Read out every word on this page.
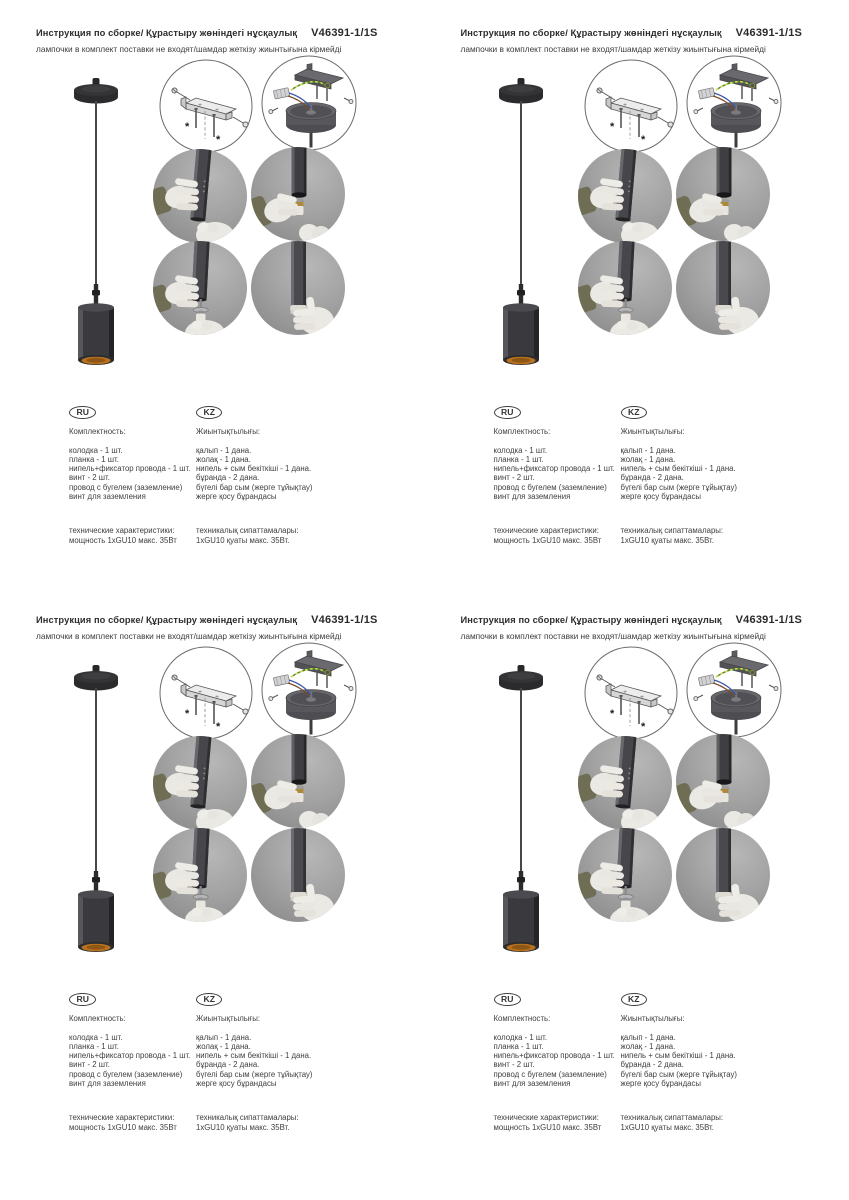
Инструкция по сборке/ Құрастыру жөніндегі нұсқаулық V46391-1/1S
лампочки в комплект поставки не входят/шамдар жеткізу жиынтығына кірмейді
*
*
RU
Комплектность:
колодка - 1 шт.
планка - 1 шт.
нипель+фиксатор провода - 1 шт.
винт - 2 шт.
провод с бугелем (заземление)
винт для заземления
технические характеристики:
мощность 1хGU10 макс. 35Вт
KZ
Жиынтықтылығы:
қалып - 1 дана.
жолақ - 1 дана.
нипель + сым бекіткіші - 1 дана.
бұранда - 2 дана.
бүгелі бар сым (жерге тұйықтау)
жерге қосу бұрандасы
техникалық сипаттамалары:
1хGU10 қуаты макс. 35Вт.
Инструкция по сборке/ Құрастыру жөніндегі нұсқаулық V46391-1/1S
лампочки в комплект поставки не входят/шамдар жеткізу жиынтығына кірмейді
*
*
RU
Комплектность:
колодка - 1 шт.
планка - 1 шт.
нипель+фиксатор провода - 1 шт.
винт - 2 шт.
провод с бугелем (заземление)
винт для заземления
технические характеристики:
мощность 1хGU10 макс. 35Вт
KZ
Жиынтықтылығы:
қалып - 1 дана.
жолақ - 1 дана.
нипель + сым бекіткіші - 1 дана.
бұранда - 2 дана.
бүгелі бар сым (жерге тұйықтау)
жерге қосу бұрандасы
техникалық сипаттамалары:
1хGU10 қуаты макс. 35Вт.
Инструкция по сборке/ Құрастыру жөніндегі нұсқаулық V46391-1/1S
лампочки в комплект поставки не входят/шамдар жеткізу жиынтығына кірмейді
*
*
RU
Комплектность:
колодка - 1 шт.
планка - 1 шт.
нипель+фиксатор провода - 1 шт.
винт - 2 шт.
провод с бугелем (заземление)
винт для заземления
технические характеристики:
мощность 1хGU10 макс. 35Вт
KZ
Жиынтықтылығы:
қалып - 1 дана.
жолақ - 1 дана.
нипель + сым бекіткіші - 1 дана.
бұранда - 2 дана.
бүгелі бар сым (жерге тұйықтау)
жерге қосу бұрандасы
техникалық сипаттамалары:
1хGU10 қуаты макс. 35Вт.
Инструкция по сборке/ Құрастыру жөніндегі нұсқаулық V46391-1/1S
лампочки в комплект поставки не входят/шамдар жеткізу жиынтығына кірмейді
*
*
RU
Комплектность:
колодка - 1 шт.
планка - 1 шт.
нипель+фиксатор провода - 1 шт.
винт - 2 шт.
провод с бугелем (заземление)
винт для заземления
технические характеристики:
мощность 1хGU10 макс. 35Вт
KZ
Жиынтықтылығы:
қалып - 1 дана.
жолақ - 1 дана.
нипель + сым бекіткіші - 1 дана.
бұранда - 2 дана.
бүгелі бар сым (жерге тұйықтау)
жерге қосу бұрандасы
техникалық сипаттамалары:
1хGU10 қуаты макс. 35Вт.
